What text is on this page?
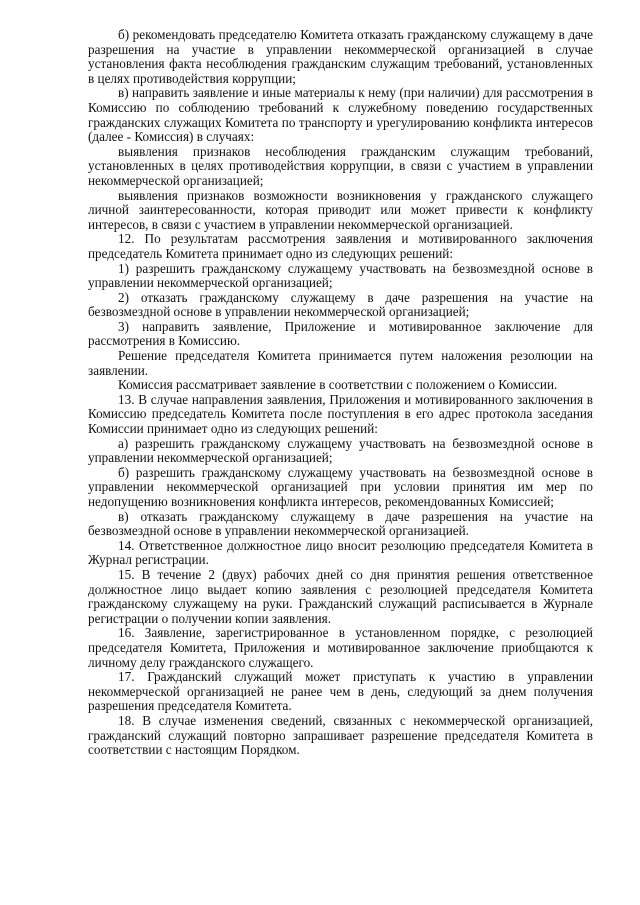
б) рекомендовать председателю Комитета отказать гражданскому служащему в даче разрешения на участие в управлении некоммерческой организацией в случае установления факта несоблюдения гражданским служащим требований, установленных в целях противодействия коррупции;

в) направить заявление и иные материалы к нему (при наличии) для рассмотрения в Комиссию по соблюдению требований к служебному поведению государственных гражданских служащих Комитета по транспорту и урегулированию конфликта интересов (далее - Комиссия) в случаях:

выявления признаков несоблюдения гражданским служащим требований, установленных в целях противодействия коррупции, в связи с участием в управлении некоммерческой организацией;

выявления признаков возможности возникновения у гражданского служащего личной заинтересованности, которая приводит или может привести к конфликту интересов, в связи с участием в управлении некоммерческой организацией.

12. По результатам рассмотрения заявления и мотивированного заключения председатель Комитета принимает одно из следующих решений:

1) разрешить гражданскому служащему участвовать на безвозмездной основе в управлении некоммерческой организацией;

2) отказать гражданскому служащему в даче разрешения на участие на безвозмездной основе в управлении некоммерческой организацией;

3) направить заявление, Приложение и мотивированное заключение для рассмотрения в Комиссию.

Решение председателя Комитета принимается путем наложения резолюции на заявлении.

Комиссия рассматривает заявление в соответствии с положением о Комиссии.

13. В случае направления заявления, Приложения и мотивированного заключения в Комиссию председатель Комитета после поступления в его адрес протокола заседания Комиссии принимает одно из следующих решений:

а) разрешить гражданскому служащему участвовать на безвозмездной основе в управлении некоммерческой организацией;

б) разрешить гражданскому служащему участвовать на безвозмездной основе в управлении некоммерческой организацией при условии принятия им мер по недопущению возникновения конфликта интересов, рекомендованных Комиссией;

в) отказать гражданскому служащему в даче разрешения на участие на безвозмездной основе в управлении некоммерческой организацией.

14. Ответственное должностное лицо вносит резолюцию председателя Комитета в Журнал регистрации.

15. В течение 2 (двух) рабочих дней со дня принятия решения ответственное должностное лицо выдает копию заявления с резолюцией председателя Комитета гражданскому служащему на руки. Гражданский служащий расписывается в Журнале регистрации о получении копии заявления.

16. Заявление, зарегистрированное в установленном порядке, с резолюцией председателя Комитета, Приложения и мотивированное заключение приобщаются к личному делу гражданского служащего.

17. Гражданский служащий может приступать к участию в управлении некоммерческой организацией не ранее чем в день, следующий за днем получения разрешения председателя Комитета.

18. В случае изменения сведений, связанных с некоммерческой организацией, гражданский служащий повторно запрашивает разрешение председателя Комитета в соответствии с настоящим Порядком.
